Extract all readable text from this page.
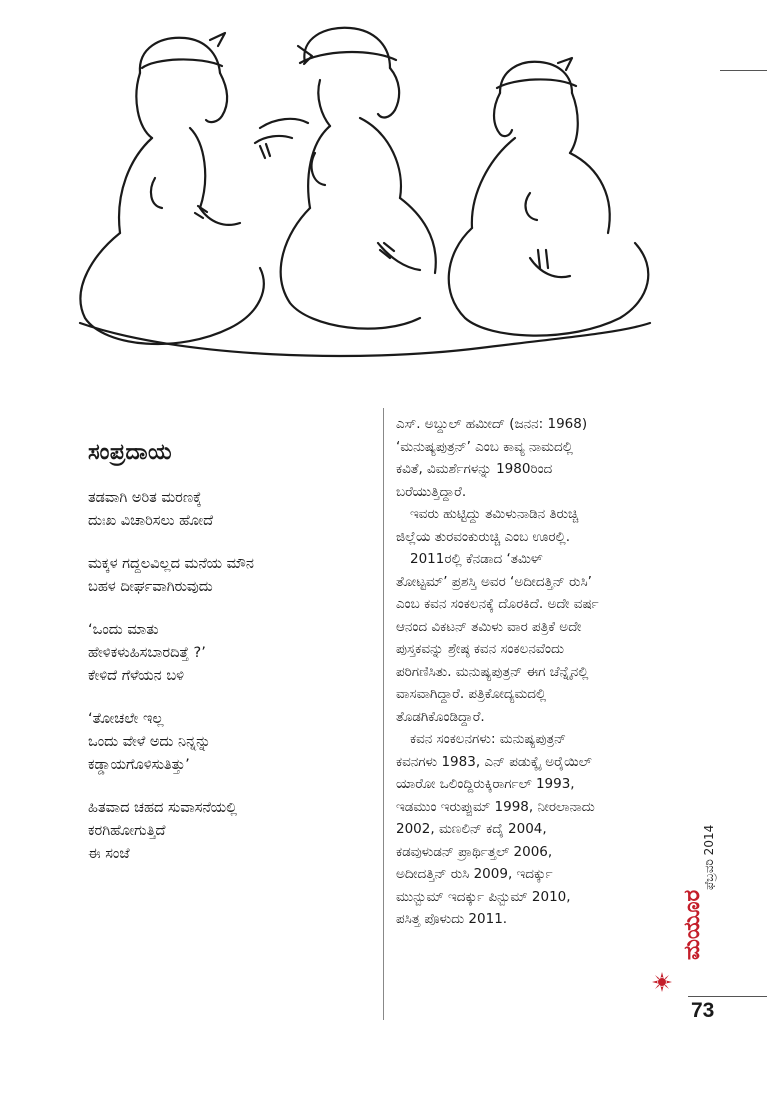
ಸಂಪ್ರದಾಯ
ತಡವಾಗಿ ಅರಿತ ಮರಣಕ್ಕೆ
ದುಃಖ ವಿಚಾರಿಸಲು ಹೋದೆ
ಮಕ್ಕಳ ಗದ್ದಲವಿಲ್ಲದ ಮನೆಯ ಮೌನ
ಬಹಳ ದೀರ್ಘವಾಗಿರುವುದು
‘ಒಂದು ಮಾತು
ಹೇಳಿಕಳುಹಿಸಬಾರದಿತ್ತೆ ?’
ಕೇಳಿದೆ ಗೆಳೆಯನ ಬಳಿ
‘ತೋಚಲೇ ಇಲ್ಲ
ಒಂದು ವೇಳೆ ಅದು ನಿನ್ನನ್ನು
ಕಡ್ಡಾಯಗೊಳಿಸುತಿತ್ತು’
ಹಿತವಾದ ಚಹದ ಸುವಾಸನೆಯಲ್ಲಿ
ಕರಗಿಹೋಗುತ್ತಿದೆ
ಈ ಸಂಜೆ
ಎಸ್. ಅಬ್ದುಲ್ ಹಮೀದ್ (ಜನನ: 1968)
‘ಮನುಷ್ಯಪುತ್ರನ್’ ಎಂಬ ಕಾವ್ಯ ನಾಮದಲ್ಲಿ
ಕವಿತೆ, ವಿಮರ್ಶೆಗಳನ್ನು 1980ರಿಂದ
ಬರೆಯುತ್ತಿದ್ದಾರೆ.
ಇವರು ಹುಟ್ಟಿದ್ದು ತಮಿಳುನಾಡಿನ ತಿರುಚ್ಚಿ
ಜಿಲ್ಲೆಯ ತುರವಂಕುರುಚ್ಚಿ ಎಂಬ ಊರಲ್ಲಿ.
2011ರಲ್ಲಿ ಕೆನಡಾದ ‘ತಮಿಳ್
ತೋಟ್ಟಮ್’ ಪ್ರಶಸ್ತಿ ಅವರ ‘ಅದೀದತ್ತಿನ್ ರುಸಿ’
ಎಂಬ ಕವನ ಸಂಕಲನಕ್ಕೆ ದೊರಕಿದೆ. ಅದೇ ವರ್ಷ
ಆನಂದ ವಿಕಟನ್ ತಮಿಳು ವಾರ ಪತ್ರಿಕೆ ಅದೇ
ಪುಸ್ತಕವನ್ನು ಶ್ರೇಷ್ಠ ಕವನ ಸಂಕಲನವೆಂದು
ಪರಿಗಣಿಸಿತು. ಮನುಷ್ಯಪುತ್ರನ್ ಈಗ ಚೆನ್ನೈನಲ್ಲಿ
ವಾಸವಾಗಿದ್ದಾರೆ. ಪತ್ರಿಕೋದ್ಯಮದಲ್ಲಿ
ತೊಡಗಿಕೊಂಡಿದ್ದಾರೆ.
ಕವನ ಸಂಕಲನಗಳು: ಮನುಷ್ಯಪುತ್ರನ್
ಕವನಗಳು 1983, ಎನ್ ಪಡುಕ್ಕೈ ಅರೈಯಿಲ್
ಯಾರೋ ಒಲಿಂದ್ದಿರುಕ್ಕಿರಾರ್ಗಲ್ 1993,
ಇಡಮುಂ ಇರುಪ್ಪುಮ್ 1998, ನೀರಲಾನಾದು
2002, ಮಣಲಿನ್ ಕದೈ 2004,
ಕಡವುಳುಡನ್ ಪ್ರಾರ್ಥಿತ್ತಲ್ 2006,
ಅದೀದತ್ತಿನ್ ರುಸಿ 2009, ಇದರ್ಕ್ಕು
ಮುನ್ಬುಮ್ ಇದರ್ಕ್ಕು ಪಿನ್ಬುಮ್ 2010,
ಪಸಿತ್ತ ಪೊಳುದು 2011.
ಫೆಬ್ರವರಿ 2014
ಮಯೂರ
73
